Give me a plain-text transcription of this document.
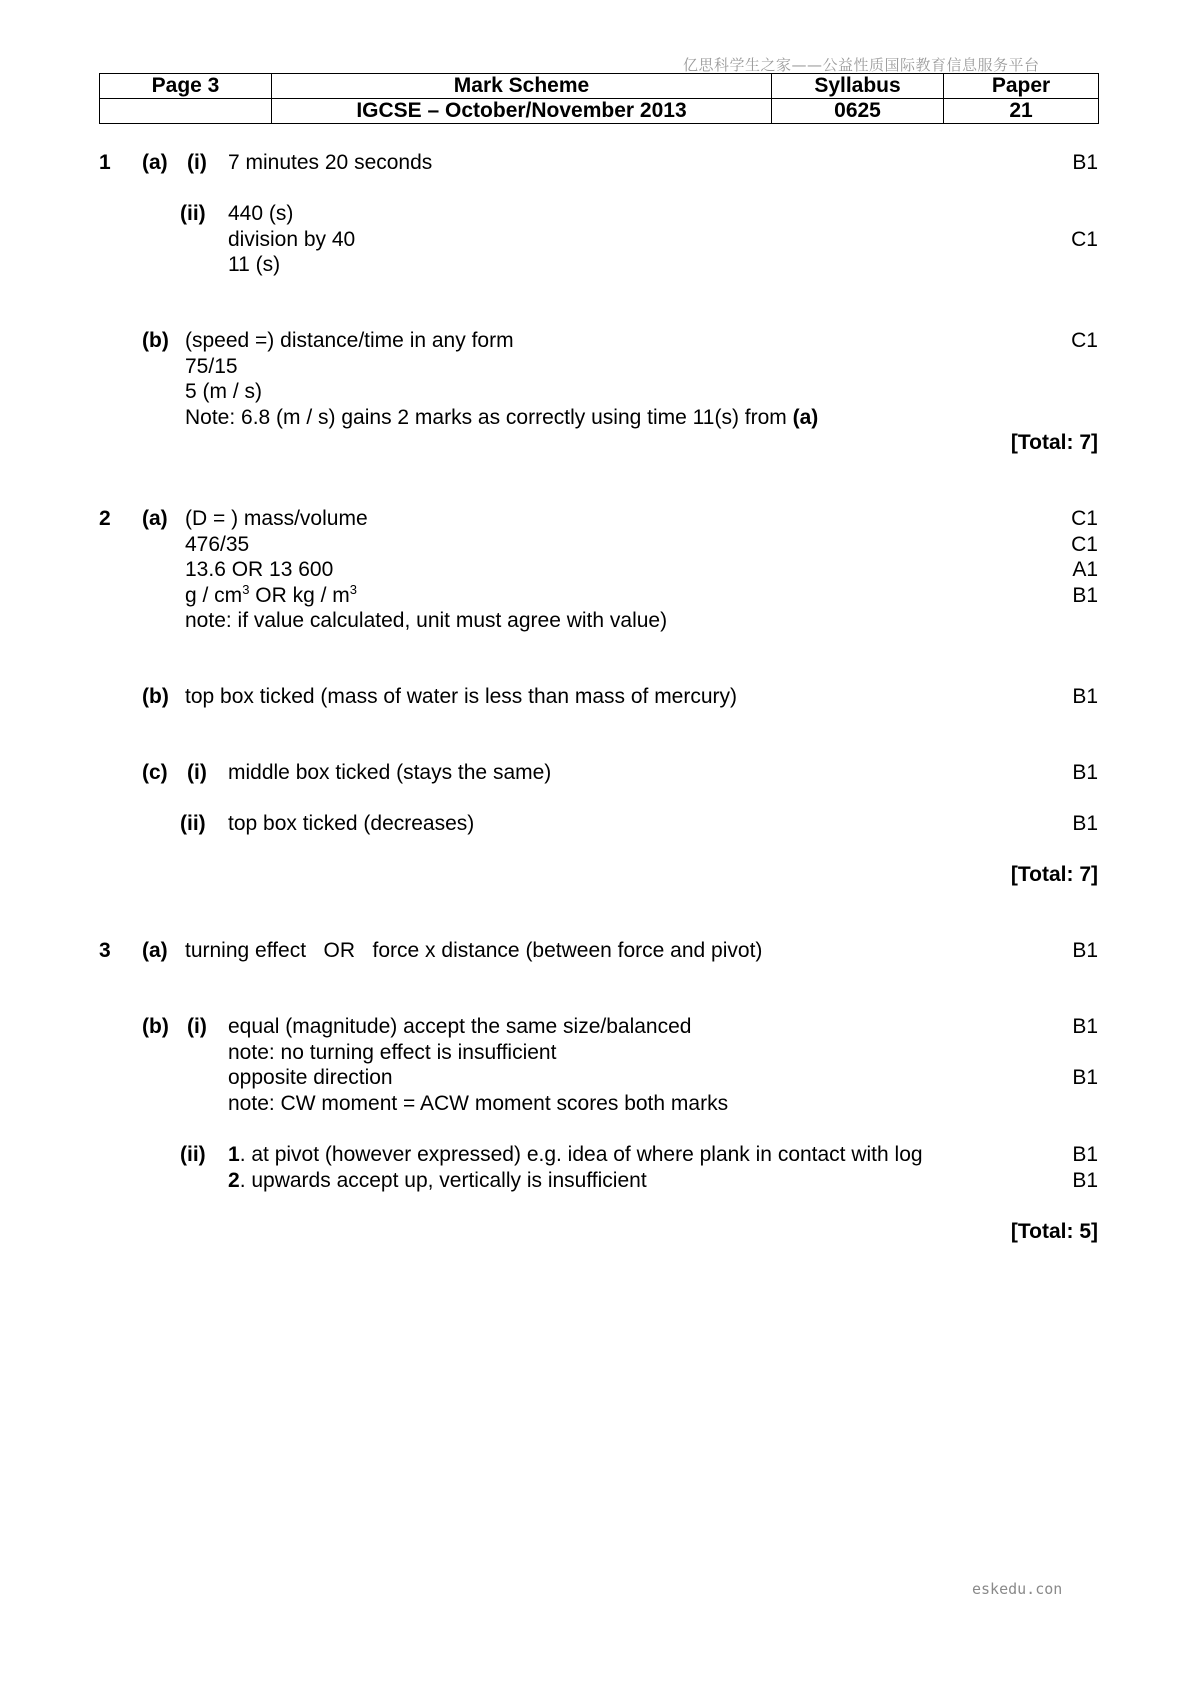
亿思科学生之家——公益性质国际教育信息服务平台
Page 3	Mark Scheme	Syllabus	Paper
	IGCSE – October/November 2013	0625	21
1 (a) (i) 7 minutes 20 seconds	B1
(ii) 440 (s)
division by 40	C1
11 (s)
(b) (speed =) distance/time in any form	C1
75/15
5 (m / s)
Note: 6.8 (m / s) gains 2 marks as correctly using time 11(s) from (a)
[Total: 7]
2 (a) (D = ) mass/volume	C1
476/35	C1
13.6 OR 13 600	A1
g / $cm^3$ OR kg / $m^3$	B1
note: if value calculated, unit must agree with value)
(b) top box ticked (mass of water is less than mass of mercury)	B1
(c) (i) middle box ticked (stays the same)	B1
(ii) top box ticked (decreases)	B1
[Total: 7]
3 (a) turning effect   OR   force x distance (between force and pivot)	B1
(b) (i) equal (magnitude) accept the same size/balanced	B1
note: no turning effect is insufficient
opposite direction	B1
note: CW moment = ACW moment scores both marks
(ii) 1. at pivot (however expressed) e.g. idea of where plank in contact with log	B1
2. upwards accept up, vertically is insufficient	B1
[Total: 5]
eskedu.con
